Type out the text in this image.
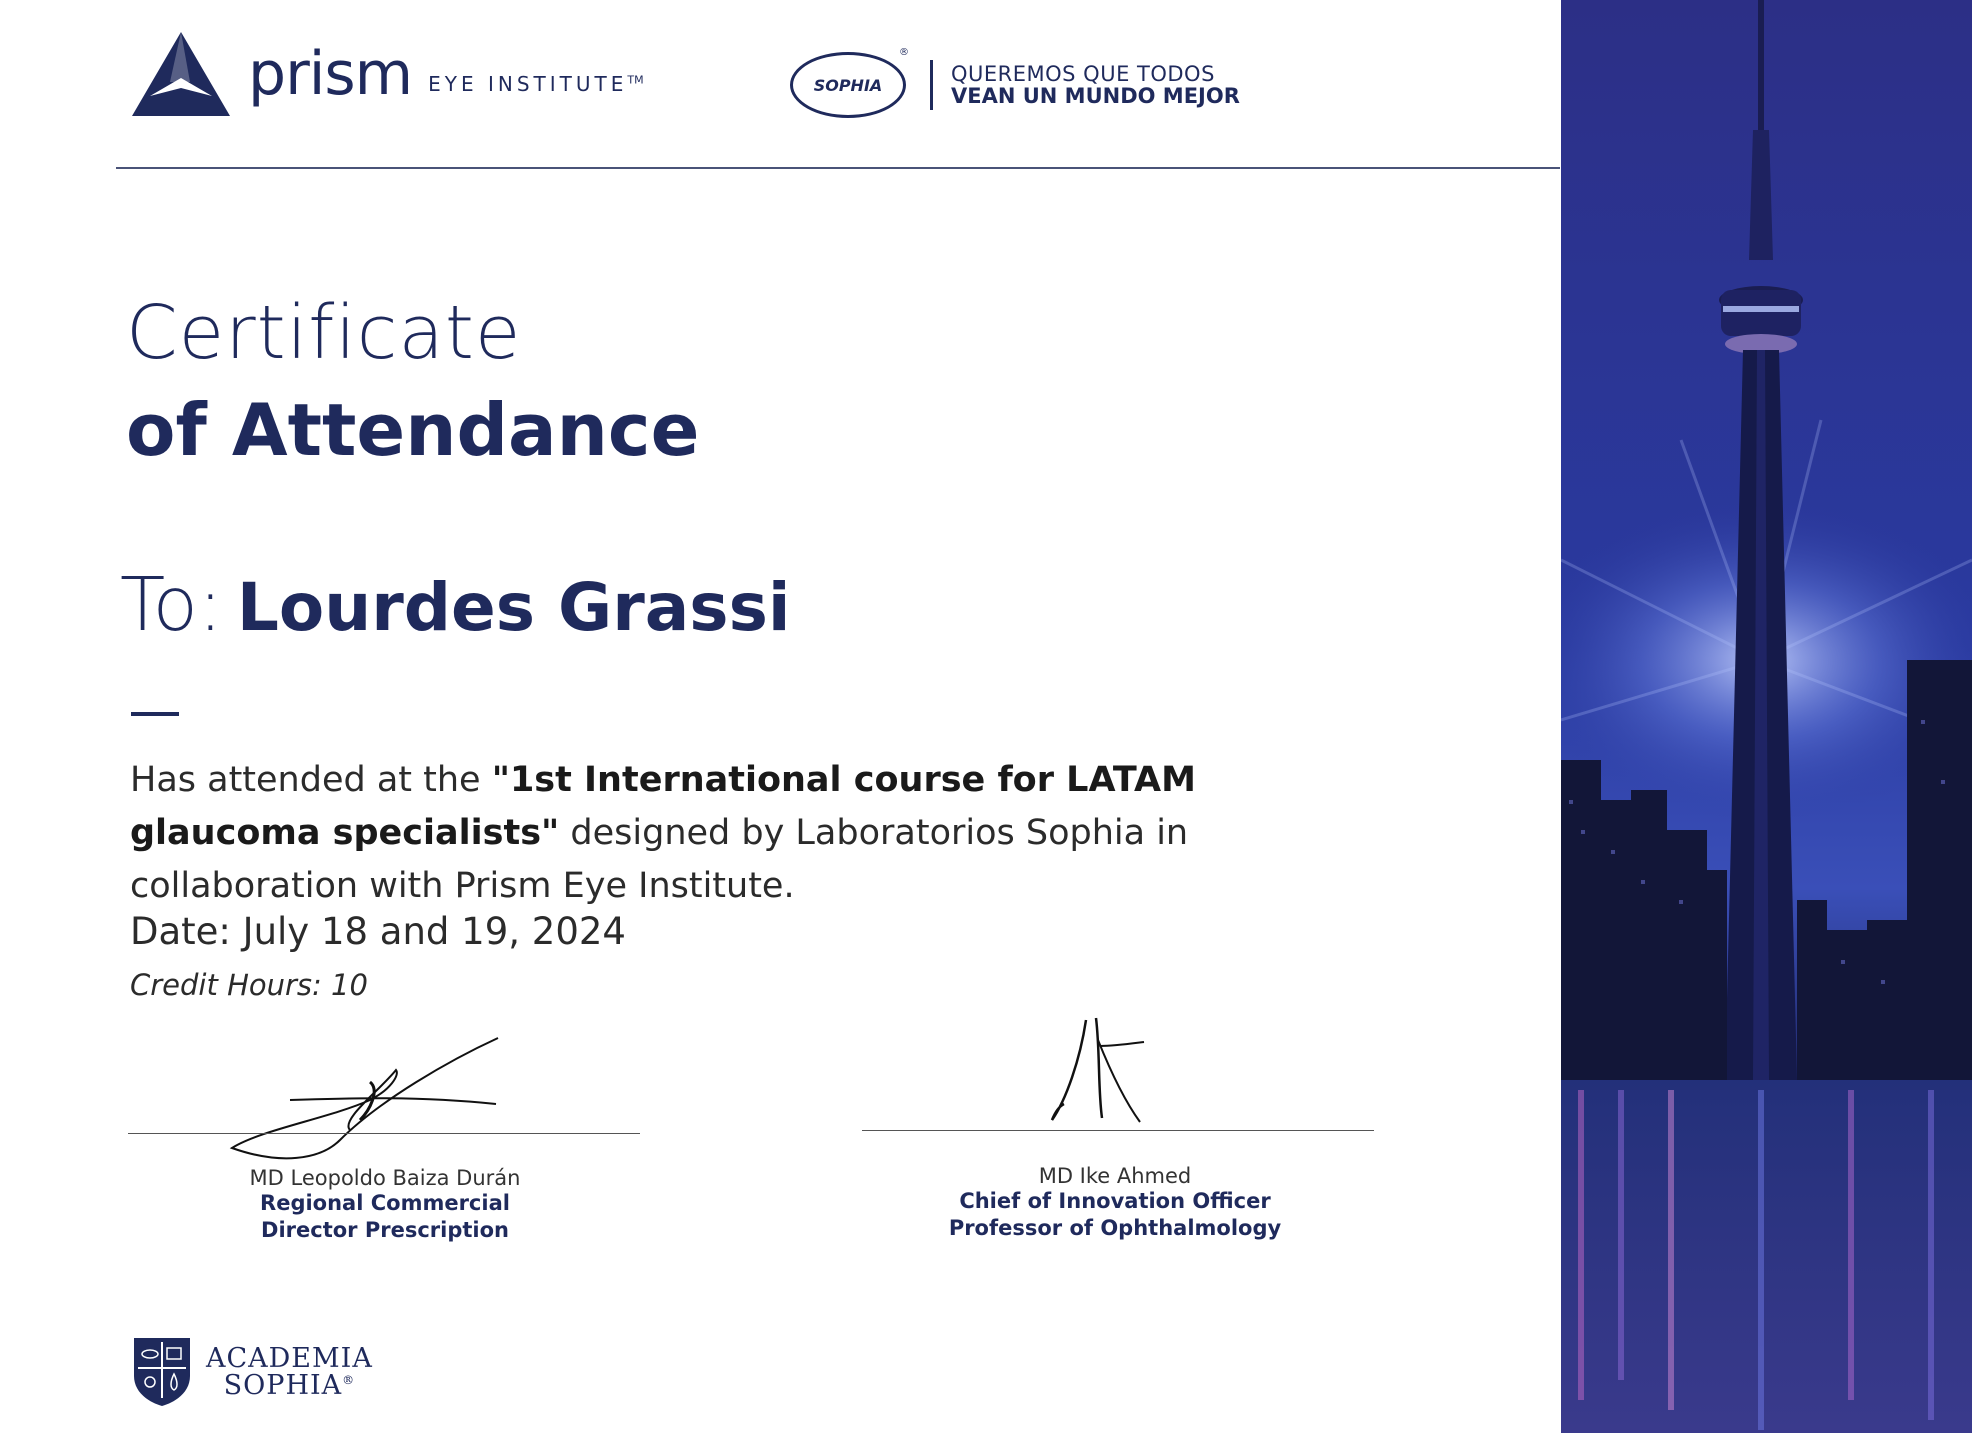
prism EYE INSTITUTE™	SOPHIA
®
QUEREMOS QUE TODOS
VEAN UN MUNDO MEJOR
Certificate
of Attendance
To: Lourdes Grassi
Has attended at the "1st International course for LATAM glaucoma specialists" designed by Laboratorios Sophia in collaboration with Prism Eye Institute.
Date: July 18 and 19, 2024
Credit Hours: 10
MD Leopoldo Baiza Durán
Regional Commercial
Director Prescription
MD Ike Ahmed
Chief of Innovation Officer
Professor of Ophthalmology
ACADEMIA
SOPHIA®
